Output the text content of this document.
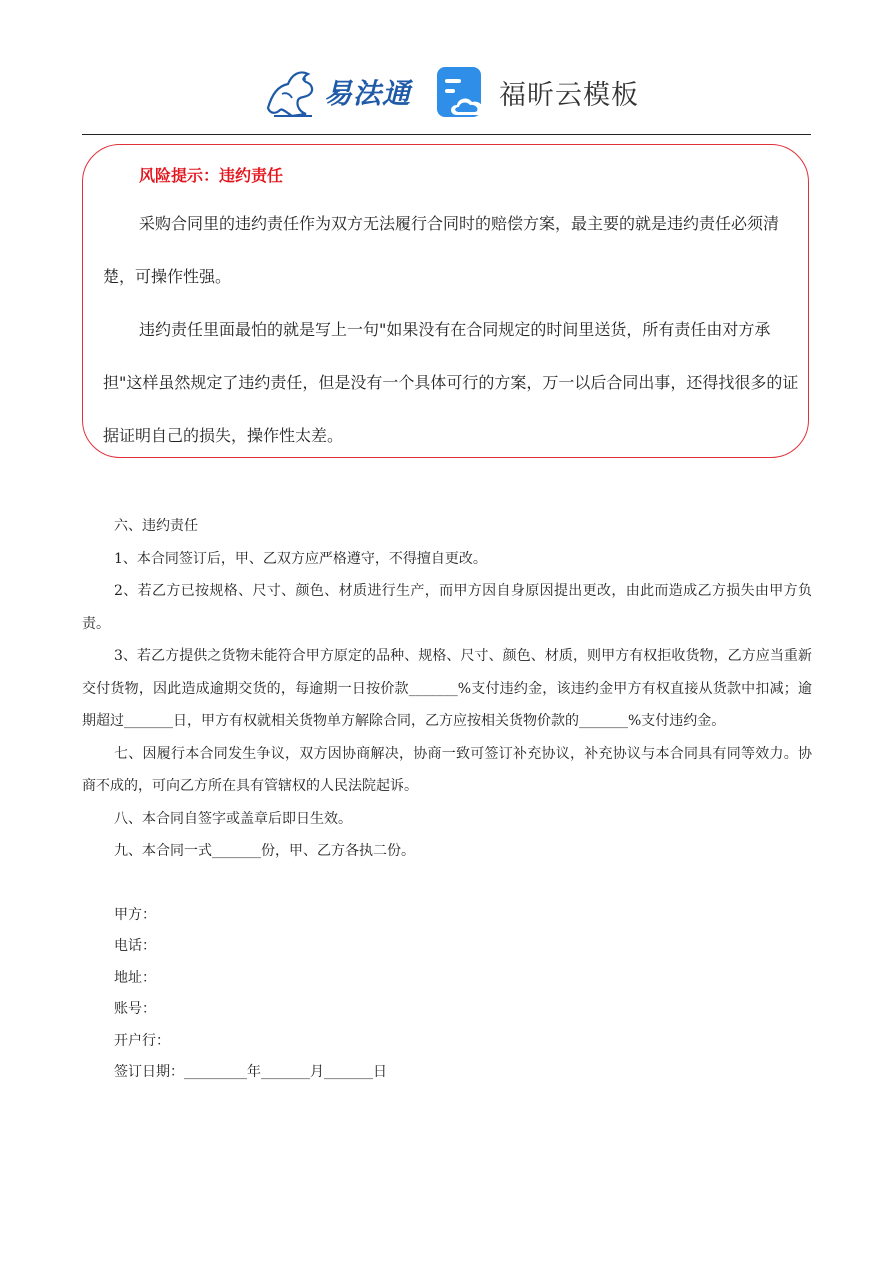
易法通	福昕云模板
风险提示：违约责任
采购合同里的违约责任作为双方无法履行合同时的赔偿方案，最主要的就是违约责任必须清楚，可操作性强。
违约责任里面最怕的就是写上一句"如果没有在合同规定的时间里送货，所有责任由对方承担"这样虽然规定了违约责任，但是没有一个具体可行的方案，万一以后合同出事，还得找很多的证据证明自己的损失，操作性太差。

六、违约责任

1、本合同签订后，甲、乙双方应严格遵守，不得擅自更改。

2、若乙方已按规格、尺寸、颜色、材质进行生产，而甲方因自身原因提出更改，由此而造成乙方损失由甲方负责。

3、若乙方提供之货物未能符合甲方原定的品种、规格、尺寸、颜色、材质，则甲方有权拒收货物，乙方应当重新交付货物，因此造成逾期交货的，每逾期一日按价款_______%支付违约金，该违约金甲方有权直接从货款中扣减；逾期超过_______日，甲方有权就相关货物单方解除合同，乙方应按相关货物价款的_______%支付违约金。

七、因履行本合同发生争议，双方因协商解决，协商一致可签订补充协议，补充协议与本合同具有同等效力。协商不成的，可向乙方所在具有管辖权的人民法院起诉。

八、本合同自签字或盖章后即日生效。

九、本合同一式_______份，甲、乙方各执二份。

甲方：

电话：

地址：

账号：

开户行：

签订日期：_________年_______月_______日
